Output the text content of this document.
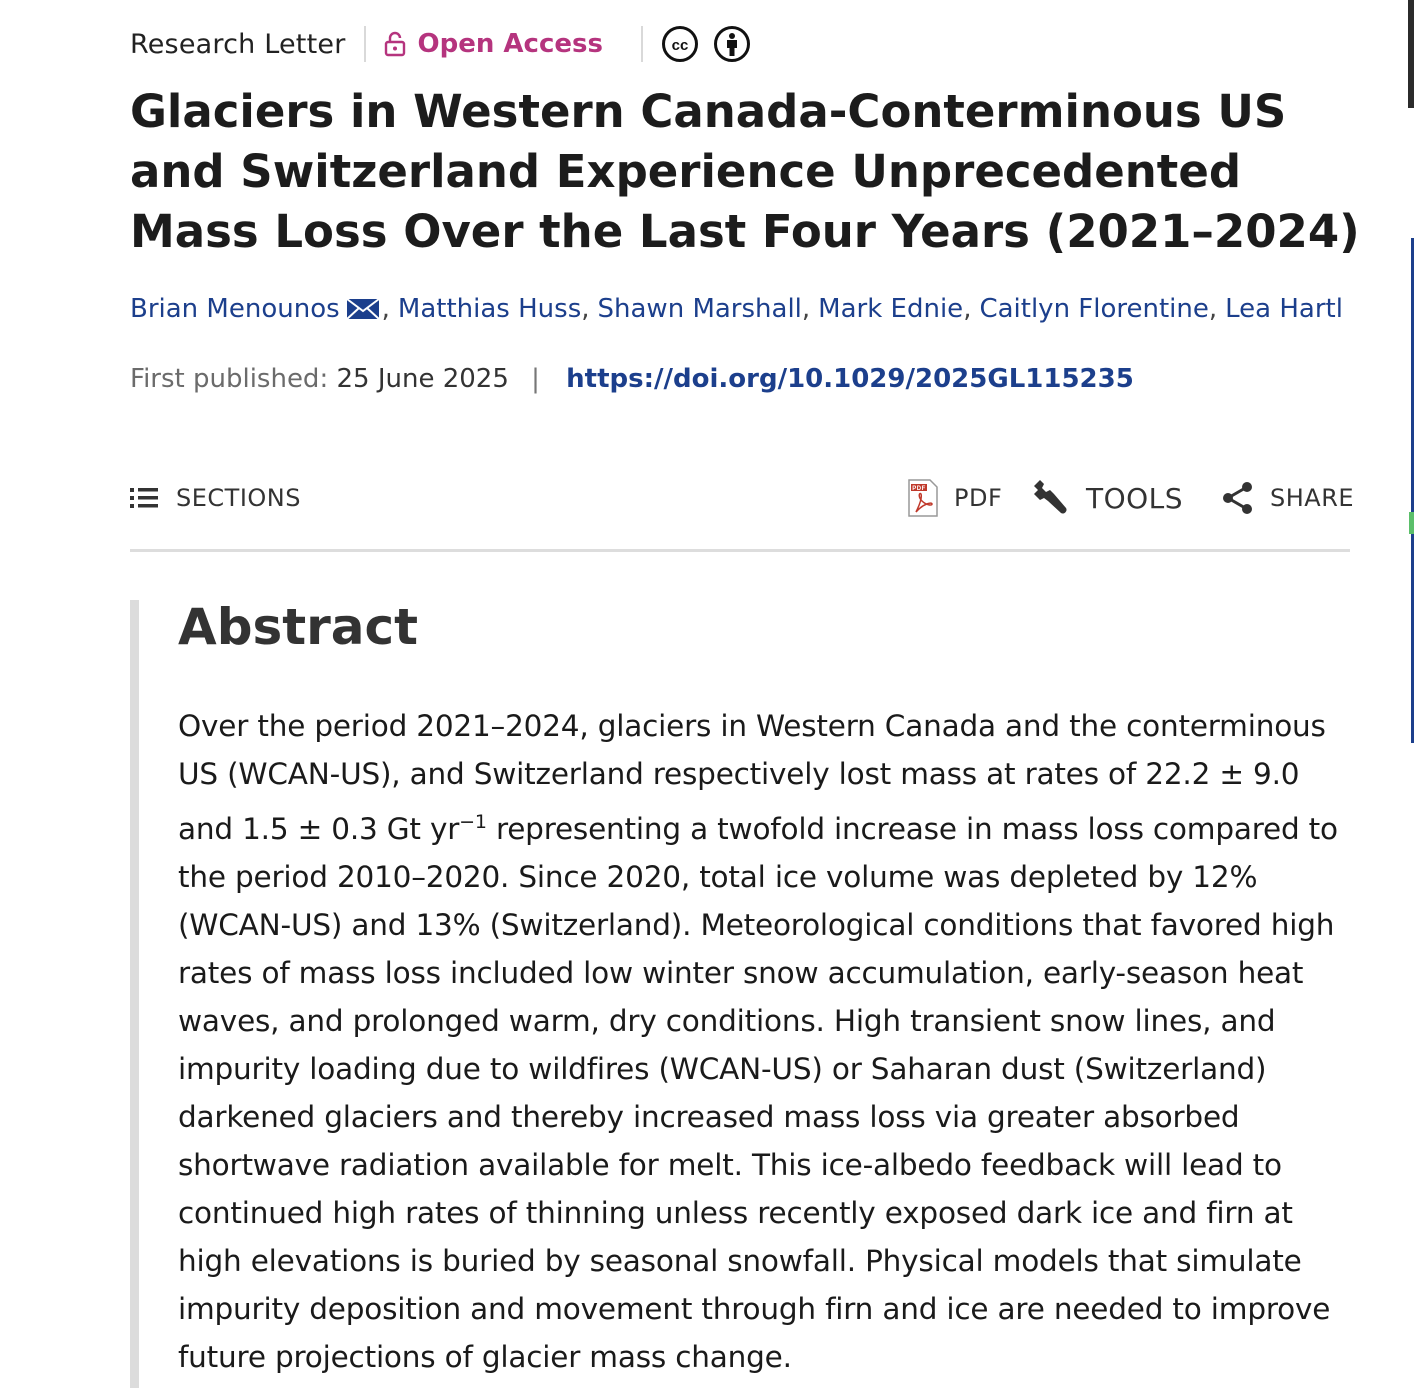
Research Letter	Open Access	cc
Glaciers in Western Canada-Conterminous US and Switzerland Experience Unprecedented Mass Loss Over the Last Four Years (2021–2024)
Brian Menounos , Matthias Huss , Shawn Marshall , Mark Ednie , Caitlyn Florentine , Lea Hartl
First published: 25 June 2025 | https://doi.org/10.1029/2025GL115235
SECTIONS	PDF PDF	TOOLS	SHARE
Abstract

Over the period 2021–2024, glaciers in Western Canada and the conterminous US (WCAN-US), and Switzerland respectively lost mass at rates of 22.2 ± 9.0 and 1.5 ± 0.3 Gt $yr^{-1}$ representing a twofold increase in mass loss compared to the period 2010–2020. Since 2020, total ice volume was depleted by 12% (WCAN-US) and 13% (Switzerland). Meteorological conditions that favored high rates of mass loss included low winter snow accumulation, early-season heat waves, and prolonged warm, dry conditions. High transient snow lines, and impurity loading due to wildfires (WCAN-US) or Saharan dust (Switzerland) darkened glaciers and thereby increased mass loss via greater absorbed shortwave radiation available for melt. This ice-albedo feedback will lead to continued high rates of thinning unless recently exposed dark ice and firn at high elevations is buried by seasonal snowfall. Physical models that simulate impurity deposition and movement through firn and ice are needed to improve future projections of glacier mass change.
